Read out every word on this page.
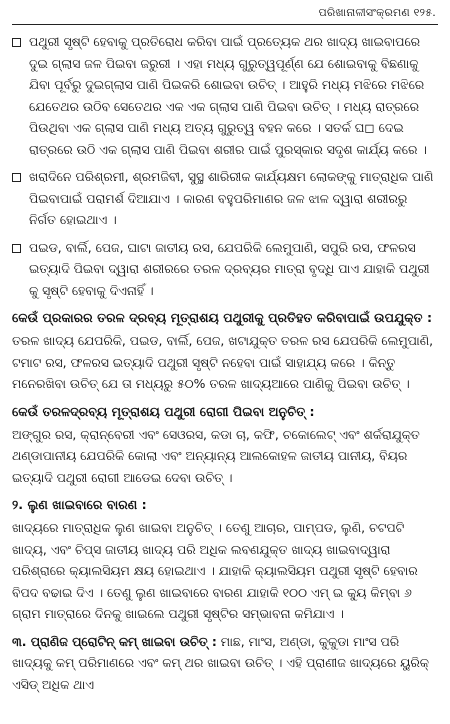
ପରିଖାନାଳୀସଂକ୍ରମଣ ୧୨୫.

ପଥୁରୀ ସୃଷ୍ଟି ହେବାକୁ ପ୍ରତିରୋଧ କରିବା ପାଇଁ ପ୍ରତ୍ୟେକ ଥର ଖାଦ୍ୟ ଖାଇବାପରେ ଦୁଇ ଗ୍ଲାସ ଜଳ ପିଇବା ଜରୁରୀ । ଏହା ମଧ୍ୟ ଗୁରୁତ୍ୱପୂର୍ଣ୍ଣ ଯେ ଶୋଇବାକୁ ବିଛଣାକୁ ଯିବା ପୂର୍ବରୁ ଦୁଇଗ୍ଲାସ ପାଣି ପିଇକରି ଶୋଇବା ଉଚିତ୍ । ଆହୁରି ମଧ୍ୟ ମଝିରେ ମଝିରେ ଯେତେଥର ଉଠିବ ସେତେଥର ଏକ ଏକ ଗ୍ଲାସ ପାଣି ପିଇବା ଉଚିତ୍ । ମଧ୍ୟ ରାତ୍ରରେ ପିଉଥିବା ଏକ ଗ୍ଲାସ ପାଣି ମଧ୍ୟ ଅତ୍ୟ ଗୁରୁତ୍ୱ ବହନ କରେ । ସତର୍କ ଘ◻ ଦେଇ ରାତ୍ରରେ ଉଠି ଏକ ଗ୍ଲାସ ପାଣି ପିଇବା ଶରୀର ପାଇଁ ପୁରସ୍କାର ସଦୃଶ କାର୍ଯ୍ୟ କରେ ।

ଖରାଦିନେ ପରିଶ୍ରମୀ, ଶ୍ରମଜିବୀ, ସୁସ୍ଥ ଶାରିରୀକ କାର୍ଯ୍ୟକ୍ଷମ ଲୋକଙ୍କୁ ମାତ୍ରାଧିକ ପାଣି ପିଇବାପାଇଁ ପରାମର୍ଶ ଦିଆଯାଏ । କାରଣ ବହୁପରିମାଣର ଜଳ ଝାଳ ଦ୍ୱାରା ଶରୀରରୁ ନିର୍ଗତ ହୋଇଥାଏ ।

ପଇଡ, ବାର୍ଲି, ପେଜ, ଘାଟା ଜାତୀୟ ରସ, ଯେପରିକି ଲେମୁପାଣି, ସପୁରି ରସ, ଫଳରସ ଇତ୍ୟାଦି ପିଇବା ଦ୍ୱାରା ଶରୀରରେ ତରଳ ଦ୍ରବ୍ୟର ମାତ୍ରା ବୃଦ୍ଧି ପାଏ ଯାହାକି ପଥୁରୀ କୁ ସୃଷ୍ଟି ହେବାକୁ ଦିଏନାହିଁ ।

କେଉଁ ପ୍ରକାରର ତରଳ ଦ୍ରବ୍ୟ ମୂତ୍ରାଶୟ ପଥୁରୀକୁ ପ୍ରତିହତ କରିବାପାଇଁ ଉପଯୁକ୍ତ :

ତରଳ ଖାଦ୍ୟ ଯେପରିକି, ପଇଡ, ବାର୍ଲି, ପେଜ, ଖଟାଯୁକ୍ତ ତରଳ ରସ ଯେପରିକି ଲେମୁପାଣି, ଟମାଟ ରସ, ଫଳରସ ଇତ୍ୟାଦି ପଥୁରୀ ସୃଷ୍ଟି ନହେବା ପାଇଁ ସାହାଯ୍ୟ କରେ । କିନ୍ତୁ ମନେରଖିବା ଉଚିତ୍ ଯେ ତା ମଧ୍ୟରୁ ୫୦% ତରଳ ଖାଦ୍ୟଆରେ ପାଣିକୁ ପିଇବା ଉଚିତ୍ ।

କେଉଁ ତରଳଦ୍ରବ୍ୟ ମୂତ୍ରାଶୟ ପଥୁରୀ ରୋଗୀ ପିଇବା ଅନୁଚିତ୍ :

ଅଙ୍ଗୁର ରସ, କ୍ରାନ୍‌ବେରୀ ଏବଂ ସେଓରସ, କଡା ଚା, କଫି, ଚକୋଲେଟ୍ ଏବଂ ଶର୍କରାଯୁକ୍ତ ଥଣ୍ଡାପାନୀୟ ଯେପରିକି କୋଲା ଏବଂ ଅନ୍ୟାନ୍ୟ ଆଲକୋହଳ ଜାତୀୟ ପାନୀୟ, ବିୟର ଇତ୍ୟାଦି ପଥୁରୀ ରୋଗୀ ଆଡେଇ ଦେବା ଉଚିତ୍ ।

୨. ଲୁଣ ଖାଇବାରେ ବାରଣ :

ଖାଦ୍ୟରେ ମାତ୍ରାଧିକ ଲୁଣ ଖାଇବା ଅନୁଚିତ୍ । ତେଣୁ ଆଚାର, ପାମ୍ପଡ, ଲୁଣି, ଚଟପଟି ଖାଦ୍ୟ, ଏବଂ ଚିପ୍‌ସ ଜାତୀୟ ଖାଦ୍ୟ ପରି ଅଧିକ ଲବଣଯୁକ୍ତ ଖାଦ୍ୟ ଖାଇବାଦ୍ୱାରା ପରିଶ୍ରାରେ କ୍ୟାଲସିୟମ କ୍ଷୟ ହୋଇଥାଏ । ଯାହାକି କ୍ୟାଲସିୟମ ପଥୁରୀ ସୃଷ୍ଟି ହେବାର ବିପଦ ବଢାଇ ଦିଏ । ତେଣୁ ଲୁଣ ଖାଇବାରେ ବାରଣ ଯାହାକି ୧୦୦ ଏମ୍ ଇ କ୍ୟୁ କିମ୍ବା ୬ ଗ୍ରାମ ମାତ୍ରାରେ ଦିନକୁ ଖାଇଲେ ପଥୁରୀ ସୃଷ୍ଟିର ସମ୍ଭାବନା କମିଯାଏ ।

୩. ପ୍ରାଣିଜ ପ୍ରୋଟିନ୍ କମ୍ ଖାଇବା ଉଚିତ୍ : ମାଛ, ମାଂସ, ଅଣ୍ଡା, କୁକୁଡା ମାଂସ ପରି ଖାଦ୍ୟକୁ କମ୍ ପରିମାଣରେ ଏବଂ କମ୍ ଥର ଖାଇବା ଉଚିତ୍ । ଏହି ପ୍ରାଣୀଜ ଖାଦ୍ୟରେ ୟୁରିକ୍ ଏସିଡ୍ ଅଧିକ ଥାଏ
